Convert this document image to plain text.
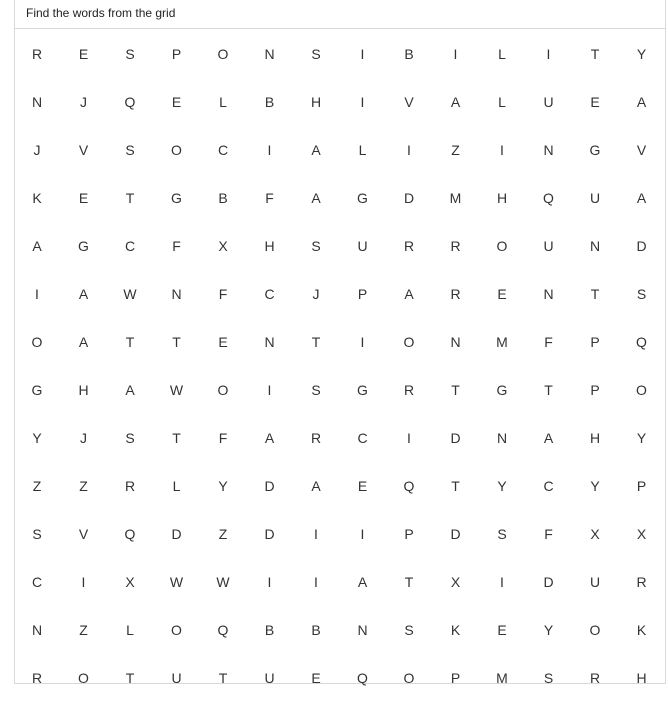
Find the words from the grid
R	E	S	P	O	N	S	I	B	I	L	I	T	Y
N	J	Q	E	L	B	H	I	V	A	L	U	E	A
J	V	S	O	C	I	A	L	I	Z	I	N	G	V
K	E	T	G	B	F	A	G	D	M	H	Q	U	A
A	G	C	F	X	H	S	U	R	R	O	U	N	D
I	A	W	N	F	C	J	P	A	R	E	N	T	S
O	A	T	T	E	N	T	I	O	N	M	F	P	Q
G	H	A	W	O	I	S	G	R	T	G	T	P	O
Y	J	S	T	F	A	R	C	I	D	N	A	H	Y
Z	Z	R	L	Y	D	A	E	Q	T	Y	C	Y	P
S	V	Q	D	Z	D	I	I	P	D	S	F	X	X
C	I	X	W	W	I	I	A	T	X	I	D	U	R
N	Z	L	O	Q	B	B	N	S	K	E	Y	O	K
R	O	T	U	T	U	E	Q	O	P	M	S	R	H
